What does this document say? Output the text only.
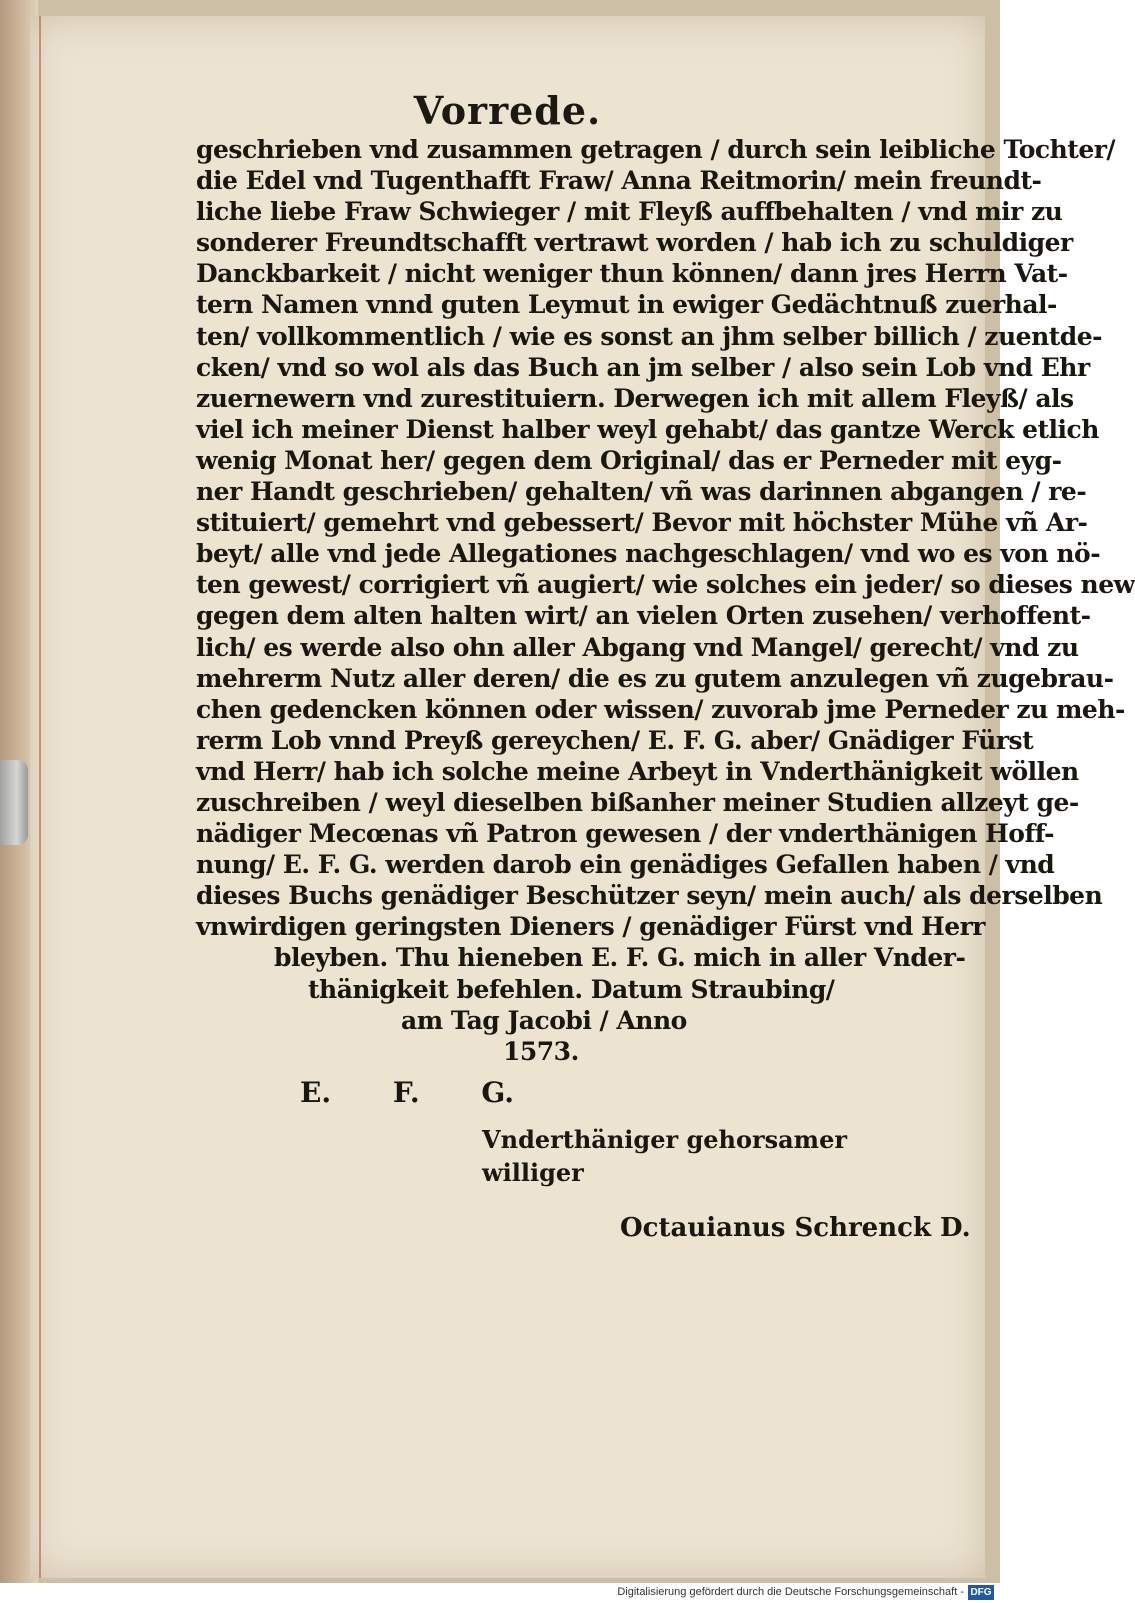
Vorrede.
geschrieben vnd zusammen getragen / durch sein leibliche Tochter/
die Edel vnd Tugenthafft Fraw/ Anna Reitmorin/ mein freundt-
liche liebe Fraw Schwieger / mit Fleyß auffbehalten / vnd mir zu
sonderer Freundtschafft vertrawt worden / hab ich zu schuldiger
Danckbarkeit / nicht weniger thun können/ dann jres Herrn Vat-
tern Namen vnnd guten Leymut in ewiger Gedächtnuß zuerhal-
ten/ vollkommentlich / wie es sonst an jhm selber billich / zuentde-
cken/ vnd so wol als das Buch an jm selber / also sein Lob vnd Ehr
zuernewern vnd zurestituiern. Derwegen ich mit allem Fleyß/ als
viel ich meiner Dienst halber weyl gehabt/ das gantze Werck etlich
wenig Monat her/ gegen dem Original/ das er Perneder mit eyg-
ner Handt geschrieben/ gehalten/ vñ was darinnen abgangen / re-
stituiert/ gemehrt vnd gebessert/ Bevor mit höchster Mühe vñ Ar-
beyt/ alle vnd jede Allegationes nachgeschlagen/ vnd wo es von nö-
ten gewest/ corrigiert vñ augiert/ wie solches ein jeder/ so dieses new
gegen dem alten halten wirt/ an vielen Orten zusehen/ verhoffent-
lich/ es werde also ohn aller Abgang vnd Mangel/ gerecht/ vnd zu
mehrerm Nutz aller deren/ die es zu gutem anzulegen vñ zugebrau-
chen gedencken können oder wissen/ zuvorab jme Perneder zu meh-
rerm Lob vnnd Preyß gereychen/ E. F. G. aber/ Gnädiger Fürst
vnd Herr/ hab ich solche meine Arbeyt in Vnderthänigkeit wöllen
zuschreiben / weyl dieselben bißanher meiner Studien allzeyt ge-
nädiger Mecœnas vñ Patron gewesen / der vnderthänigen Hoff-
nung/ E. F. G. werden darob ein genädiges Gefallen haben / vnd
dieses Buchs genädiger Beschützer seyn/ mein auch/ als derselben
vnwirdigen geringsten Dieners / genädiger Fürst vnd Herr
bleyben. Thu hieneben E. F. G. mich in aller Vnder-
thänigkeit befehlen. Datum Straubing/
am Tag Jacobi / Anno
1573.
E. F. G.
Vnderthäniger gehorsamer
williger
Octauianus Schrenck D.
Digitalisierung gefördert durch die Deutsche Forschungsgemeinschaft - DFG
